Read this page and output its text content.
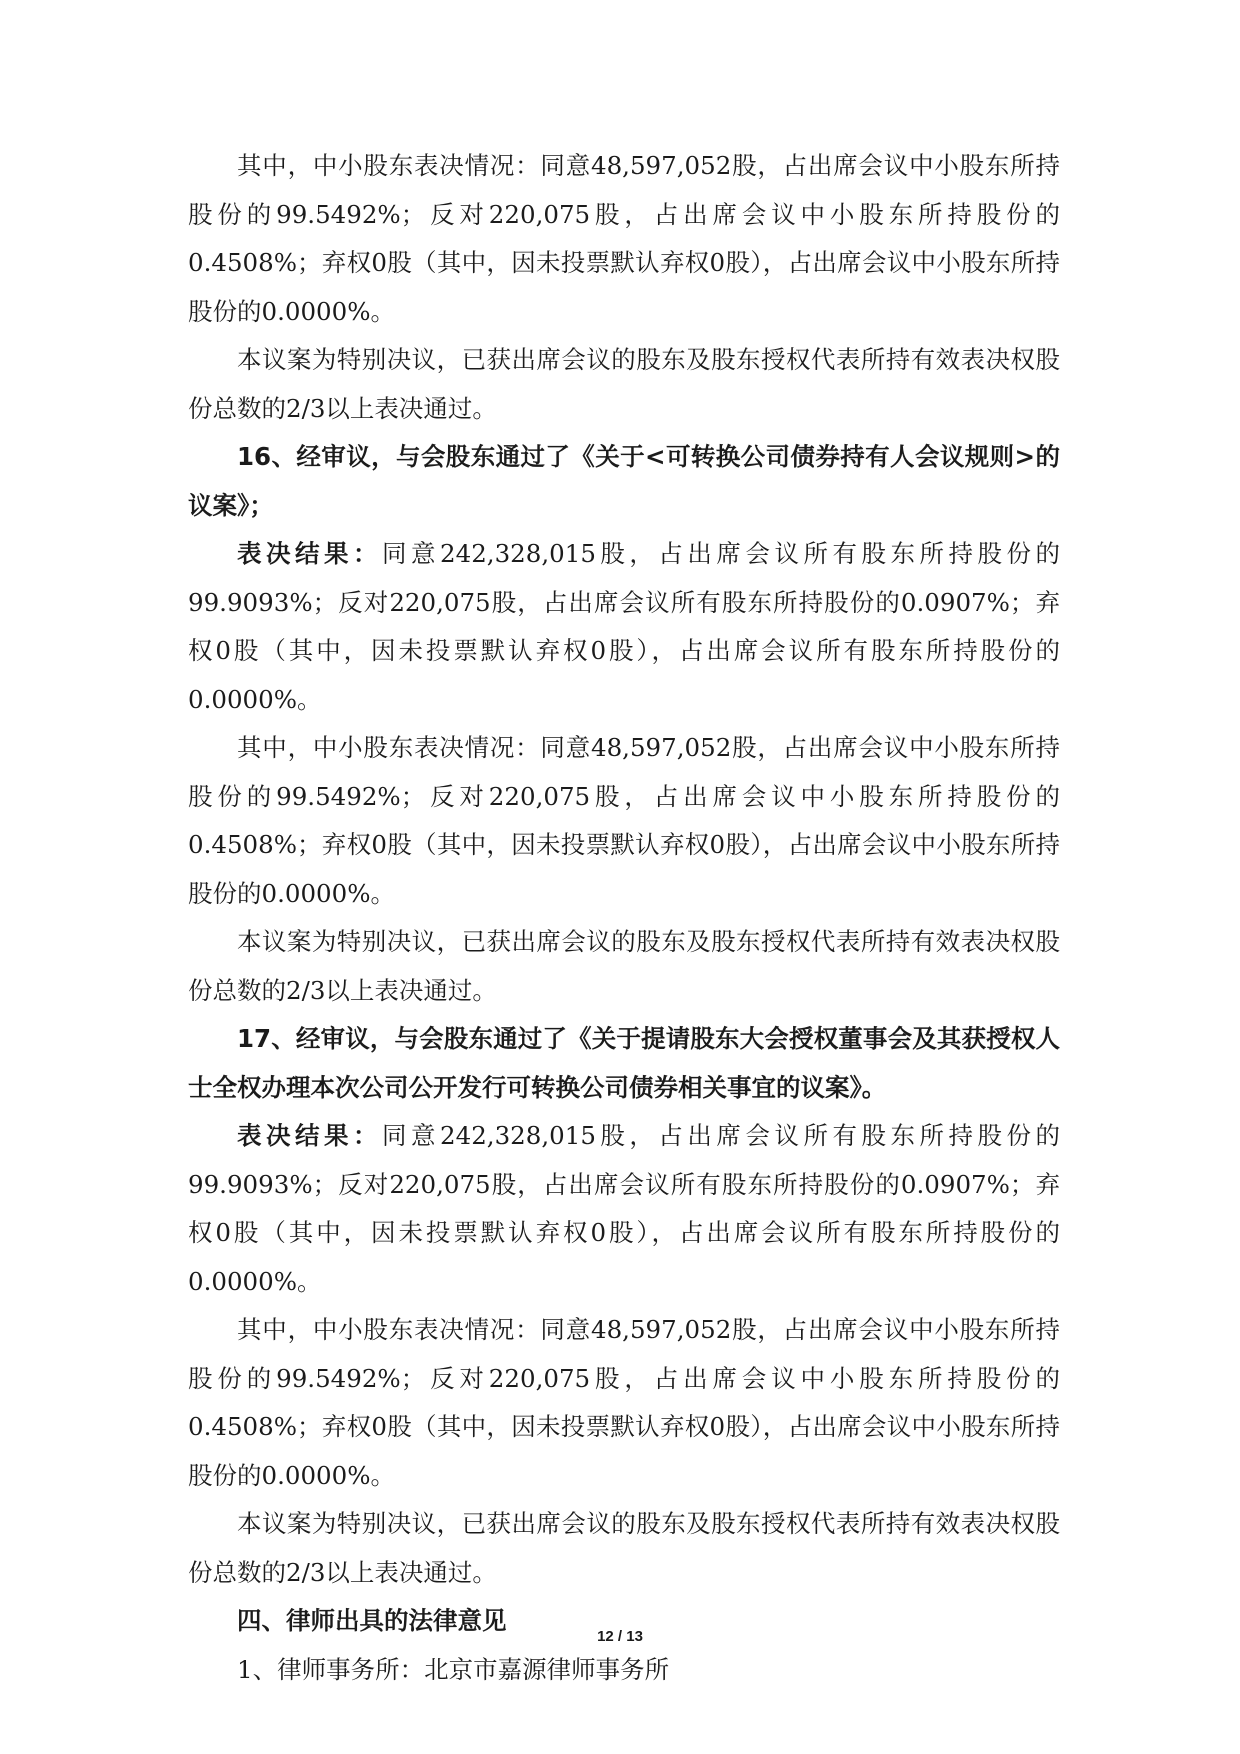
其中，中小股东表决情况：同意48,597,052股，占出席会议中小股东所持股份的99.5492%；反对220,075股，占出席会议中小股东所持股份的0.4508%；弃权0股（其中，因未投票默认弃权0股），占出席会议中小股东所持股份的0.0000%。

本议案为特别决议，已获出席会议的股东及股东授权代表所持有效表决权股份总数的2/3以上表决通过。

16、经审议，与会股东通过了《关于<可转换公司债券持有人会议规则>的议案》；

表决结果：同意242,328,015股，占出席会议所有股东所持股份的99.9093%；反对220,075股，占出席会议所有股东所持股份的0.0907%；弃权0股（其中，因未投票默认弃权0股），占出席会议所有股东所持股份的0.0000%。

其中，中小股东表决情况：同意48,597,052股，占出席会议中小股东所持股份的99.5492%；反对220,075股，占出席会议中小股东所持股份的0.4508%；弃权0股（其中，因未投票默认弃权0股），占出席会议中小股东所持股份的0.0000%。

本议案为特别决议，已获出席会议的股东及股东授权代表所持有效表决权股份总数的2/3以上表决通过。

17、经审议，与会股东通过了《关于提请股东大会授权董事会及其获授权人士全权办理本次公司公开发行可转换公司债券相关事宜的议案》。

表决结果：同意242,328,015股，占出席会议所有股东所持股份的99.9093%；反对220,075股，占出席会议所有股东所持股份的0.0907%；弃权0股（其中，因未投票默认弃权0股），占出席会议所有股东所持股份的0.0000%。

其中，中小股东表决情况：同意48,597,052股，占出席会议中小股东所持股份的99.5492%；反对220,075股，占出席会议中小股东所持股份的0.4508%；弃权0股（其中，因未投票默认弃权0股），占出席会议中小股东所持股份的0.0000%。

本议案为特别决议，已获出席会议的股东及股东授权代表所持有效表决权股份总数的2/3以上表决通过。

四、律师出具的法律意见

1、律师事务所：北京市嘉源律师事务所

12 / 13
